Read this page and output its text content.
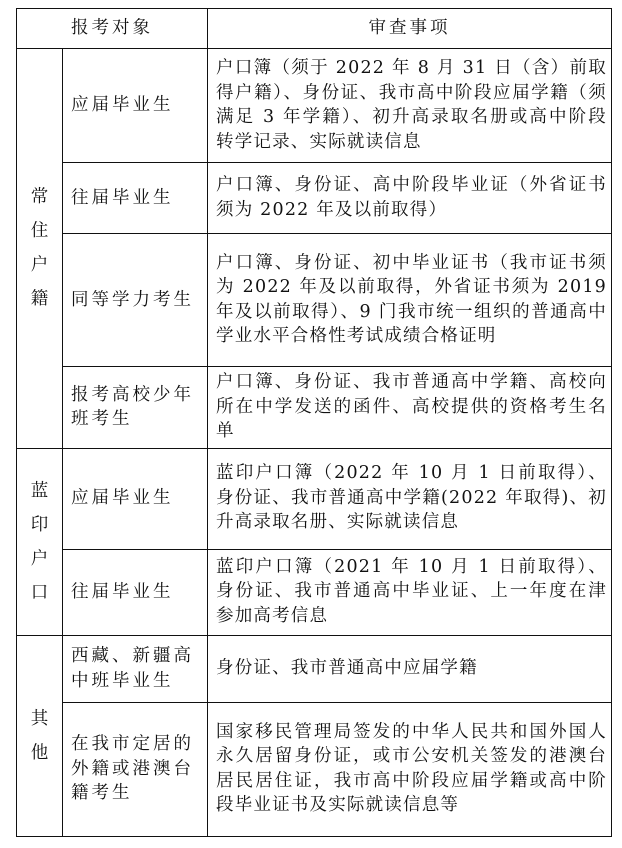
报考对象		审查事项

常住户籍	应届毕业生	户口簿（须于 2022 年 8 月 31 日（含）前取得户籍）、身份证、我市高中阶段应届学籍（须满足 3 年学籍）、初升高录取名册或高中阶段转学记录、实际就读信息
	往届毕业生	户口簿、身份证、高中阶段毕业证（外省证书须为 2022 年及以前取得）
	同等学力考生	户口簿、身份证、初中毕业证书（我市证书须为 2022 年及以前取得，外省证书须为 2019 年及以前取得）、9 门我市统一组织的普通高中学业水平合格性考试成绩合格证明
	报考高校少年班考生	户口簿、身份证、我市普通高中学籍、高校向所在中学发送的函件、高校提供的资格考生名单

蓝印户口	应届毕业生	蓝印户口簿（2022 年 10 月 1 日前取得）、身份证、我市普通高中学籍(2022 年取得)、初升高录取名册、实际就读信息
	往届毕业生	蓝印户口簿（2021 年 10 月 1 日前取得）、身份证、我市普通高中毕业证、上一年度在津参加高考信息

其他	西藏、新疆高中班毕业生	身份证、我市普通高中应届学籍
	在我市定居的外籍或港澳台籍考生	国家移民管理局签发的中华人民共和国外国人永久居留身份证，或市公安机关签发的港澳台居民居住证，我市高中阶段应届学籍或高中阶段毕业证书及实际就读信息等
